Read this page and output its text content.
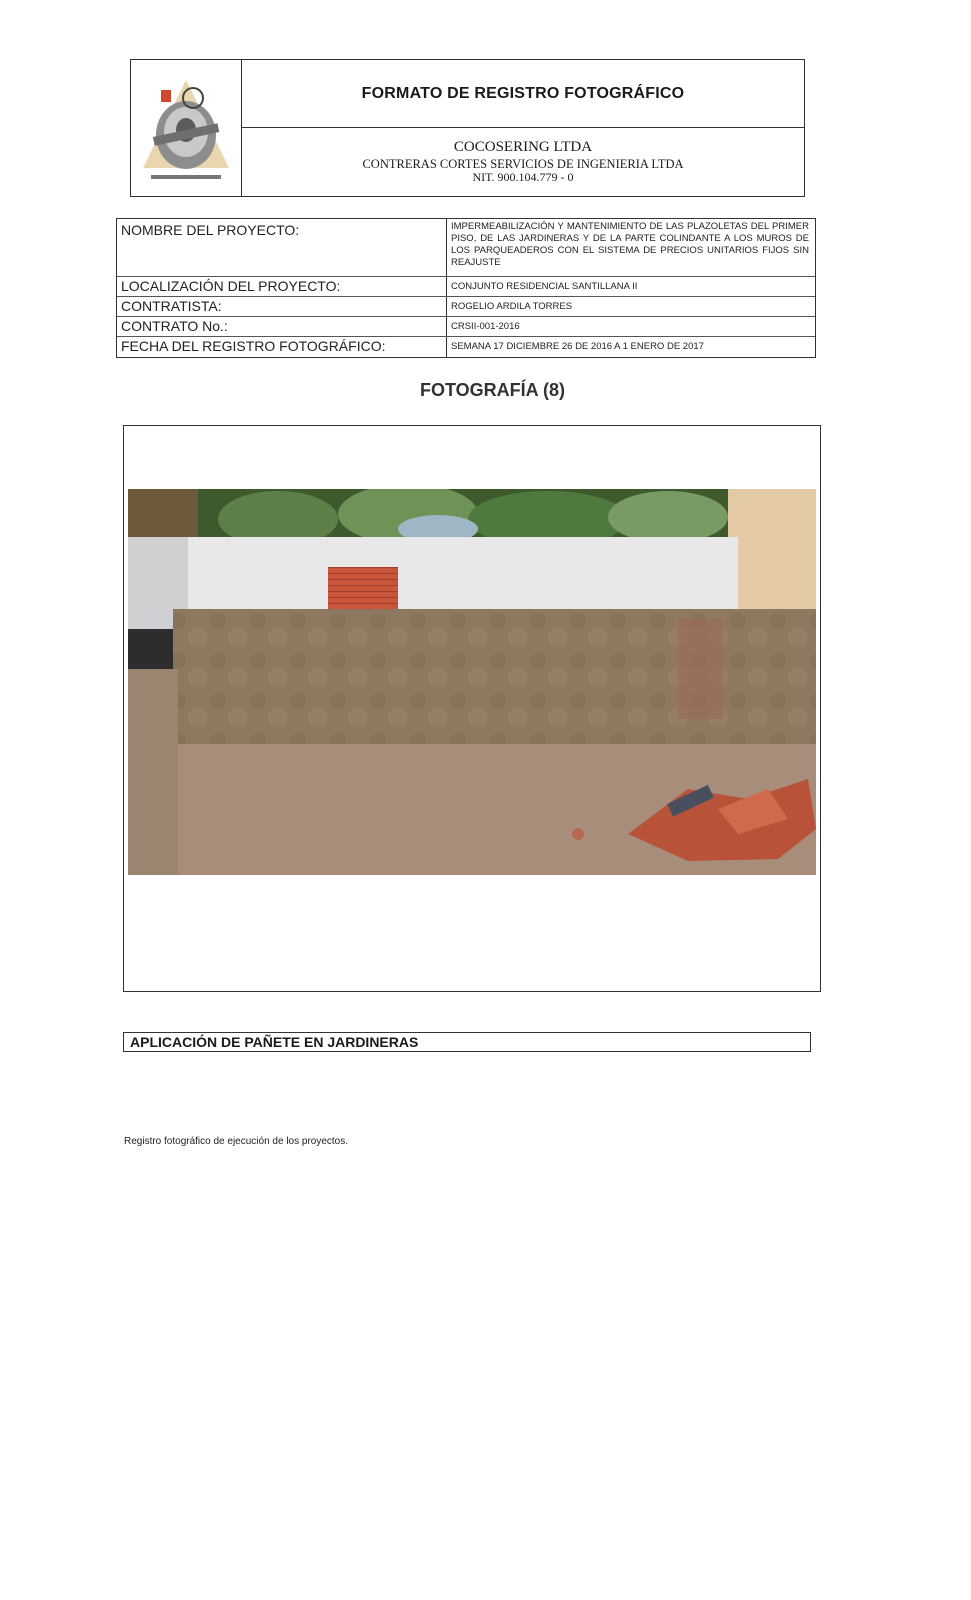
FORMATO DE REGISTRO FOTOGRÁFICO
COCOSERING LTDA
CONTRERAS CORTES SERVICIOS DE INGENIERIA LTDA
NIT. 900.104.779 - 0
NOMBRE DEL PROYECTO:	IMPERMEABILIZACIÓN Y MANTENIMIENTO DE LAS PLAZOLETAS DEL PRIMER PISO, DE LAS JARDINERAS Y DE LA PARTE COLINDANTE A LOS MUROS DE LOS PARQUEADEROS CON EL SISTEMA DE PRECIOS UNITARIOS FIJOS SIN REAJUSTE
LOCALIZACIÓN DEL PROYECTO:	CONJUNTO RESIDENCIAL SANTILLANA II
CONTRATISTA:	ROGELIO ARDILA TORRES
CONTRATO No.:	CRSII-001-2016
FECHA DEL REGISTRO FOTOGRÁFICO:	SEMANA 17 DICIEMBRE 26 DE 2016 A 1 ENERO DE 2017
FOTOGRAFÍA (8)
APLICACIÓN DE PAÑETE EN JARDINERAS
Registro fotográfico de ejecución de los proyectos.
